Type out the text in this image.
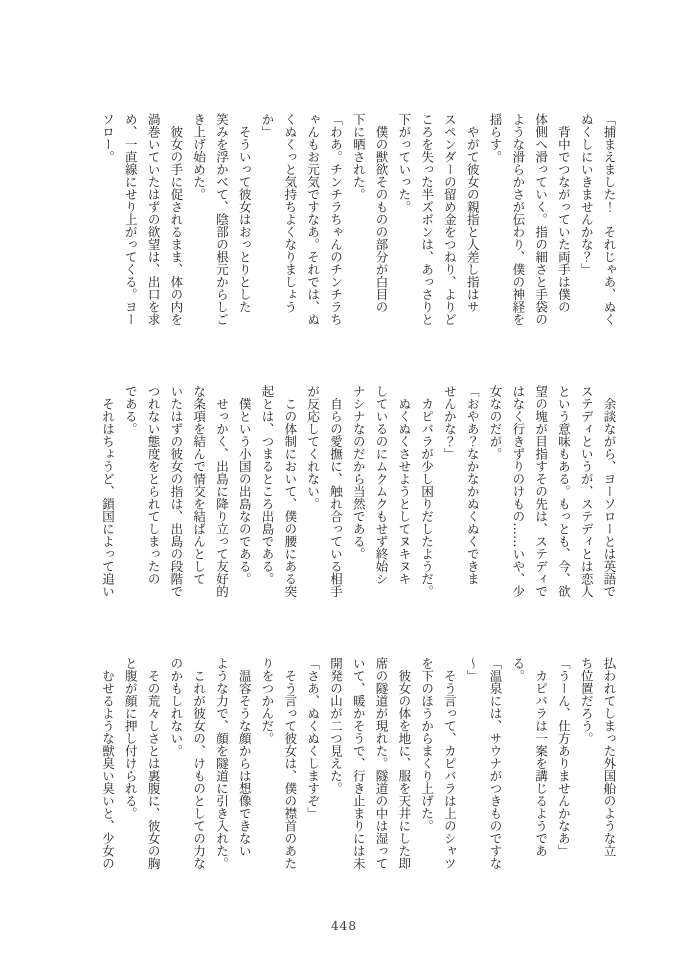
「捕まえました！　それじゃあ、ぬく

ぬくしにいきませんかな？」

　背中でつながっていた両手は僕の

体側へ滑っていく。指の細さと手袋の

ような滑らかさが伝わり、僕の神経を

揺らす。

　やがて彼女の親指と人差し指はサ

スペンダーの留め金をつねり、よりど

ころを失った半ズボンは、あっさりと

下がっていった。

　僕の獣欲そのものの部分が白目の

下に晒された。

「わあ。チンチラちゃんのチンチラち

ゃんもお元気ですなあ。それでは、ぬ

くぬくっと気持ちよくなりましょう

か」

　そういって彼女はおっとりとした

笑みを浮かべて、陰部の根元からしご

き上げ始めた。

　彼女の手に促されるまま、体の内を

渦巻いていたはずの欲望は、出口を求

め、一直線にせり上がってくる。ヨー

ソロー。

　余談ながら、ヨーソローとは英語で

ステディというが、ステディとは恋人

という意味もある。もっとも、今、欲

望の塊が目指すその先は、ステディで

はなく行きずりのけもの……いや、少

女なのだが。

「おやあ？なかなかぬくぬくできま

せんかな？」

　カピバラが少し困りだしたようだ。

　ぬくぬくさせようとしてヌキヌキ

しているのにムクムクもせず終始シ

ナシナなのだから当然である。

　自らの愛撫に、触れ合っている相手

が反応してくれない。

　この体制において、僕の腰にある突

起とは、つまるところ出島である。

　僕という小国の出島なのである。

　せっかく、出島に降り立って友好的

な条項を結んで情交を結ばんとして

いたはずの彼女の指は、出島の段階で

つれない態度をとられてしまったの

である。

　それはちょうど、鎖国によって追い

払われてしまった外国船のような立

ち位置だろう。

「うーん、仕方ありませんかなあ」

　カピバラは一案を講じるようであ

る。

「温泉には、サウナがつきものですな

～」

　そう言って、カピバラは上のシャツ

を下のほうからまくり上げた。

　彼女の体を地に、服を天井にした即

席の隧道が現れた。隧道の中は湿って

いて、暖かそうで、行き止まりには未

開発の山が二つ見えた。

「さあ、ぬくぬくしますぞ」

　そう言って彼女は、僕の襟首のあた

りをつかんだ。

　温容そうな顔からは想像できない

ような力で、顔を隧道に引き入れた。

　これが彼女の、けものとしての力な

のかもしれない。

　その荒々しさとは裏腹に、彼女の胸

と腹が顔に押し付けられる。

　むせるような獣臭い臭いと、少女の

448
